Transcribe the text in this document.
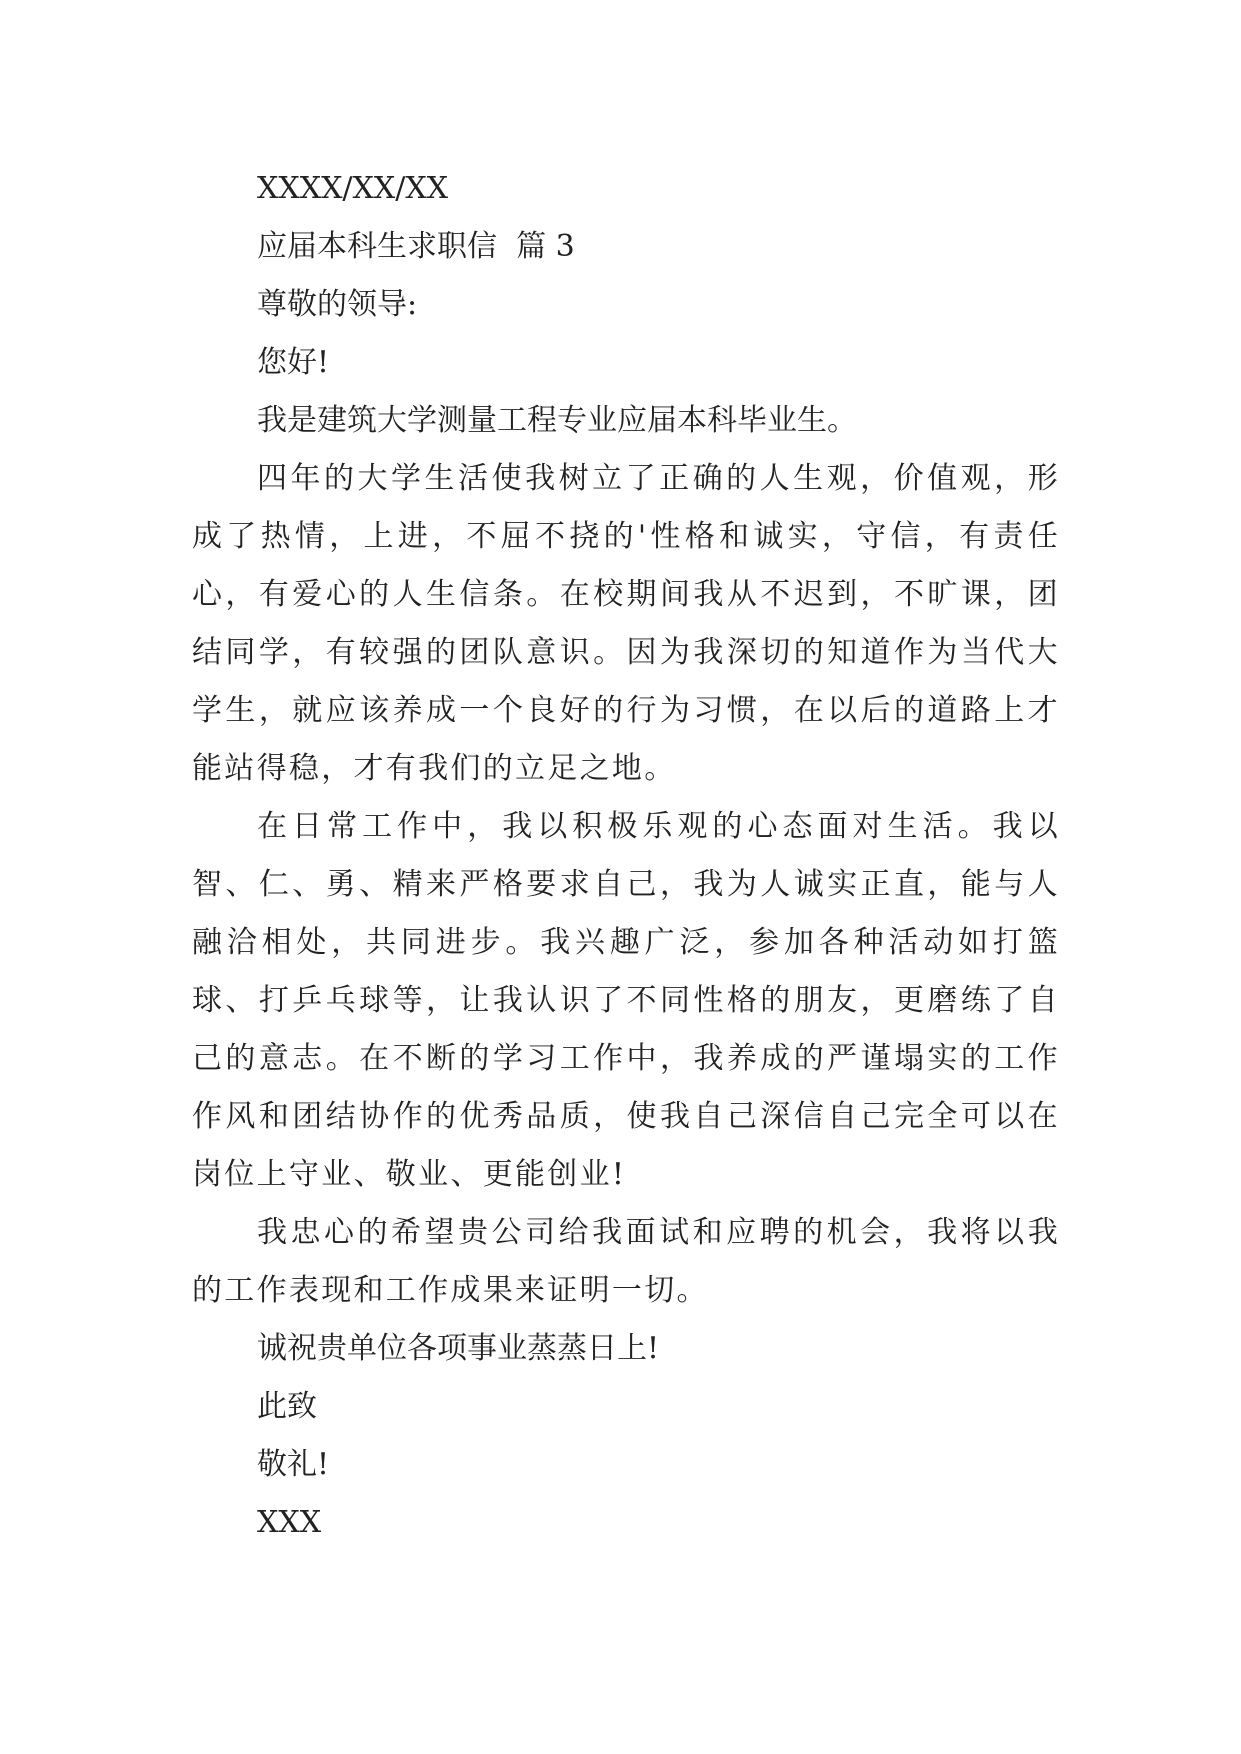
XXXX/XX/XX

应届本科生求职信  篇 3

尊敬的领导:

您好!

我是建筑大学测量工程专业应届本科毕业生。

四年的大学生活使我树立了正确的人生观，价值观，形成了热情，上进，不屈不挠的'性格和诚实，守信，有责任心，有爱心的人生信条。在校期间我从不迟到，不旷课，团结同学，有较强的团队意识。因为我深切的知道作为当代大学生，就应该养成一个良好的行为习惯，在以后的道路上才能站得稳，才有我们的立足之地。

在日常工作中，我以积极乐观的心态面对生活。我以智、仁、勇、精来严格要求自己，我为人诚实正直，能与人融洽相处，共同进步。我兴趣广泛，参加各种活动如打篮球、打乒乓球等，让我认识了不同性格的朋友，更磨练了自己的意志。在不断的学习工作中，我养成的严谨塌实的工作作风和团结协作的优秀品质，使我自己深信自己完全可以在岗位上守业、敬业、更能创业!

我忠心的希望贵公司给我面试和应聘的机会，我将以我的工作表现和工作成果来证明一切。

诚祝贵单位各项事业蒸蒸日上!

此致

敬礼!

XXX
